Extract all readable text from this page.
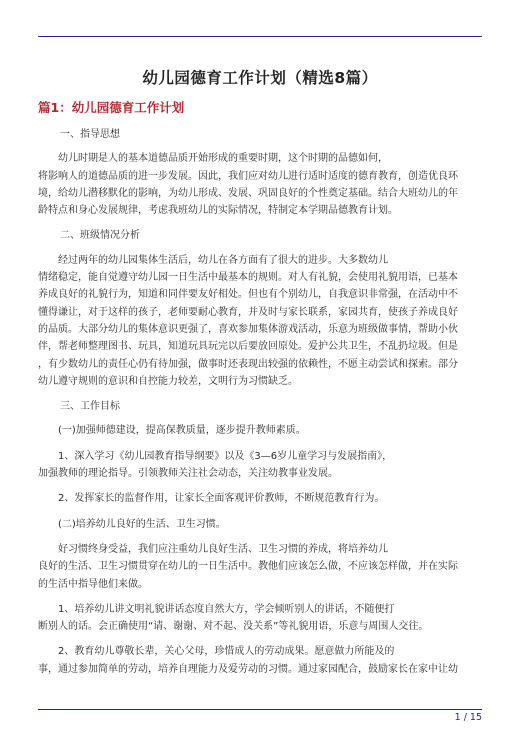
幼儿园德育工作计划（精选8篇）
篇1：幼儿园德育工作计划

一、指导思想

幼儿时期是人的基本道德品质开始形成的重要时期，这个时期的品德如何，
将影响人的道德品质的进一步发展。因此，我们应对幼儿进行适时适度的德育教育，创造优良环
境，给幼儿潜移默化的影响，为幼儿形成、发展、巩固良好的个性奠定基础。结合大班幼儿的年
龄特点和身心发展规律，考虑我班幼儿的实际情况，特制定本学期品德教育计划。

二、班级情况分析

经过两年的幼儿园集体生活后，幼儿在各方面有了很大的进步。大多数幼儿
情绪稳定，能自觉遵守幼儿园一日生活中最基本的规则。对人有礼貌，会使用礼貌用语，已基本
养成良好的礼貌行为，知道和同伴要友好相处。但也有个别幼儿，自我意识非常强，在活动中不
懂得谦让，对于这样的孩子，老师要耐心教育，并及时与家长联系，家园共育，使孩子养成良好
的品质。大部分幼儿的集体意识更强了，喜欢参加集体游戏活动，乐意为班级做事情，帮助小伙
伴，帮老师整理图书、玩具，知道玩具玩完以后要放回原处。爱护公共卫生，不乱扔垃圾。但是
，有少数幼儿的责任心仍有待加强，做事时还表现出较强的依赖性，不愿主动尝试和探索。部分
幼儿遵守规则的意识和自控能力较差，文明行为习惯缺乏。

三、工作目标

(一)加强师德建设，提高保教质量，逐步提升教师素质。

1、深入学习《幼儿园教育指导纲要》以及《3—6岁儿童学习与发展指南》，
加强教师的理论指导。引领教师关注社会动态，关注幼教事业发展。

2、发挥家长的监督作用，让家长全面客观评价教师，不断规范教育行为。

(二)培养幼儿良好的生活、卫生习惯。

好习惯终身受益，我们应注重幼儿良好生活、卫生习惯的养成，将培养幼儿
良好的生活、卫生习惯贯穿在幼儿的一日生活中。教他们应该怎么做，不应该怎样做，并在实际
的生活中指导他们来做。

1、培养幼儿讲文明礼貌讲话态度自然大方，学会倾听别人的讲话，不随便打
断别人的话。会正确使用“请、谢谢、对不起、没关系”等礼貌用语，乐意与周围人交往。

2、教育幼儿尊敬长辈，关心父母，珍惜成人的劳动成果。愿意做力所能及的
事，通过参加简单的劳动，培养自理能力及爱劳动的习惯。通过家园配合，鼓励家长在家中让幼

1 / 15
